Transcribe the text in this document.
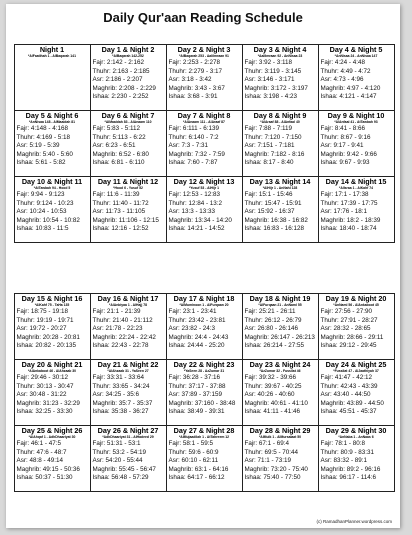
Daily Qur'aan Reading Schedule
Night 1
*AlFaatihah 1 - AlBaqarah 141
Day 1 & Night 2
*AlBaqarah 142-252
Fajr: 2:142 - 2:162
Thuhr: 2:163 - 2:185
Asr: 2:186 - 2:207
Maghrib: 2:208 - 2:229
Ishaa: 2:230 - 2:252
Day 2 & Night 3
*AlBaqarah 253 - AaliImraan 91
Fajr: 2:253 - 2:278
Thuhr: 2:279 - 3:17
Asr: 3:18 - 3:42
Maghrib: 3:43 - 3:67
Ishaa: 3:68 - 3:91
Day 3 & Night 4
*AaliImraan 92 - AnNisaa 23
Fajr: 3:92 - 3:118
Thuhr: 3:119 - 3:145
Asr: 3:146 - 3:171
Maghrib: 3:172 - 3:197
Ishaa: 3:198 - 4:23
Day 4 & Night 5
*AnNisaa 24 - AnNisaa 147
Fajr: 4:24 - 4:48
Thuhr: 4:49 - 4:72
Asr: 4:73 - 4:96
Maghrib: 4:97 - 4:120
Ishaa: 4:121 - 4:147
Day 5 & Night 6
*AnNisaa 148 - AlMaaidah 81
Fajr: 4:148 - 4:168
Thuhr: 4:169 - 5:18
Asr: 5:19 - 5:39
Maghrib: 5:40 - 5:60
Ishaa: 5:61 - 5:82
Day 6 & Night 7
*AlMaaidah 83 - AlAnaam 110
Fajr: 5:83 - 5:112
Thuhr: 5:113 - 6:22
Asr: 6:23 - 6:51
Maghrib: 6:52 - 6:80
Ishaa: 6:81 - 6:110
Day 7 & Night 8
*AlAnaam 111 - AlAraaf 87
Fajr: 6:111 - 6:139
Thuhr: 6:140 - 7:2
Asr: 7:3 - 7:31
Maghrib: 7:32 - 7:59
Ishaa: 7:60 - 7:87
Day 8 & Night 9
*AlAraaf 88 - AlAnfaal 40
Fajr: 7:88 - 7:119
Thuhr: 7:120 - 7:150
Asr: 7:151 - 7:181
Maghrib: 7:182 - 8:16
Ishaa: 8:17 - 8:40
Day 9 & Night 10
*AlAnfaal 41 - AtTawbah 93
Fajr: 8:41 - 8:66
Thuhr: 8:67 - 9:16
Asr: 9:17 - 9:41
Maghrib: 9:42 - 9:66
Ishaa: 9:67 - 9:93
Day 10 & Night 11
*AtTawbah 94 - Hood 5
Fajr: 9:94 - 9:123
Thuhr: 9:124 - 10:23
Asr: 10:24 - 10:53
Maghrib: 10:54 - 10:82
Ishaa: 10:83 - 11:5
Day 11 & Night 12
*Hood 6 - Yusuf 52
Fajr: 11:6 - 11:39
Thuhr: 11:40 - 11:72
Asr: 11:73 - 11:105
Maghrib: 11:106 - 12:15
Ishaa: 12:16 - 12:52
Day 12 & Night 13
*Yusuf 53 - AlHijr 1
Fajr: 12:53 - 12:83
Thuhr: 12:84 - 13:2
Asr: 13:3 - 13:33
Maghrib: 13:34 - 14:20
Ishaa: 14:21 - 14:52
Day 13 & Night 14
*AlHijr 1 - AnNahl 128
Fajr: 15:1 - 15:46
Thuhr: 15:47 - 15:91
Asr: 15:92 - 16:37
Maghrib: 16:38 - 16:82
Ishaa: 16:83 - 16:128
Day 14 & Night 15
*AlIsraa 1 - AlKahf 74
Fajr: 17:1 - 17:38
Thuhr: 17:39 - 17:75
Asr: 17:76 - 18:1
Maghrib: 18:2 - 18:39
Ishaa: 18:40 - 18:74
Day 15 & Night 16
*AlKahf 75 - TaHa 135
Fajr: 18:75 - 19:18
Thuhr: 19:19 - 19:71
Asr: 19:72 - 20:27
Maghrib: 20:28 - 20:81
Ishaa: 20:82 - 20:135
Day 16 & Night 17
*AlAnbiyaa 1 - AlHajj 78
Fajr: 21:1 - 21:39
Thuhr: 21:40 - 21:112
Asr: 21:78 - 22:23
Maghrib: 22:24 - 22:42
Ishaa: 22:43 - 22:78
Day 17 & Night 18
*AlMuminoon 1 - AlFurqaan 20
Fajr: 23:1 - 23:41
Thuhr: 23:42 - 23:81
Asr: 23:82 - 24:3
Maghrib: 24:4 - 24:43
Ishaa: 24:44 - 25:20
Day 18 & Night 19
*AlFurqaan 21 - AnNaml 55
Fajr: 25:21 - 26:11
Thuhr: 26:12 - 26:79
Asr: 26:80 - 26:146
Maghrib: 26:147 - 26:213
Ishaa: 26:214 - 27:55
Day 19 & Night 20
*AnNaml 56 - AlAnkaboot 45
Fajr: 27:56 - 27:90
Thuhr: 27:91 - 28:27
Asr: 28:32 - 28:65
Maghrib: 28:66 - 29:11
Ishaa: 29:12 - 29:45
Day 20 & Night 21
*AlAnkaboot 46 - AlAhzaab 30
Fajr: 29:46 - 30:12
Thuhr: 30:13 - 30:47
Asr: 30:48 - 31:22
Maghrib: 31:23 - 32:29
Ishaa: 32:25 - 33:30
Day 21 & Night 22
*AlAhzaab 31 - YaSeen 27
Fajr: 33:31 - 33:64
Thuhr: 33:65 - 34:24
Asr: 34:25 - 35:6
Maghrib: 35:7 - 35:37
Ishaa: 35:38 - 36:27
Day 22 & Night 23
*YaSeen 28 - AzZumar 31
Fajr: 36:28 - 37:16
Thuhr: 37:17 - 37:88
Asr: 37:89 - 37:159
Maghrib: 37:160 - 38:48
Ishaa: 38:49 - 39:31
Day 23 & Night 24
*AzZumar 32 - Fussilat 46
Fajr: 39:32 - 39:66
Thuhr: 39:67 - 40:25
Asr: 40:26 - 40:60
Maghrib: 40:61 - 41:10
Ishaa: 41:11 - 41:46
Day 24 & Night 25
*Fussilat 47 - AlJaathiyah 37
Fajr: 41:47 - 42:12
Thuhr: 42:43 - 43:39
Asr: 43:40 - 44:50
Maghrib: 43:89 - 44:50
Ishaa: 45:51 - 45:37
Day 25 & Night 26
*AlAhqaf 1 - AdhDhaariyat 30
Fajr: 46:1 - 47:5
Thuhr: 47:6 - 48:7
Asr: 48:8 - 49:14
Maghrib: 49:15 - 50:36
Ishaa: 50:37 - 51:30
Day 26 & Night 27
*AdhDhaariyat 31 - AlHadeed 29
Fajr: 51:31 - 53:1
Thuhr: 53:2 - 54:19
Asr: 54:20 - 55:44
Maghrib: 55:45 - 56:47
Ishaa: 56:48 - 57:29
Day 27 & Night 28
*AlMujaadilah 1 - AtTahreem 12
Fajr: 58:1 - 59:5
Thuhr: 59:6 - 60:9
Asr: 60:10 - 62:11
Maghrib: 63:1 - 64:16
Ishaa: 64:17 - 66:12
Day 28 & Night 29
*AlMulk 1 - AlMursalaat 50
Fajr: 67:1 - 69:4
Thuhr: 69:5 - 70:44
Asr: 71:1 - 73:19
Maghrib: 73:20 - 75:40
Ishaa: 75:40 - 77:50
Day 29 & Night 30
*AnNaba 1 - AnNaas 6
Fajr: 78:1 - 80:8
Thuhr: 80:9 - 83:31
Asr: 83:32 - 89:1
Maghrib: 89:2 - 96:16
Ishaa: 96:17 - 114:6
(c) RamadhanPlanner.wordpress.com
